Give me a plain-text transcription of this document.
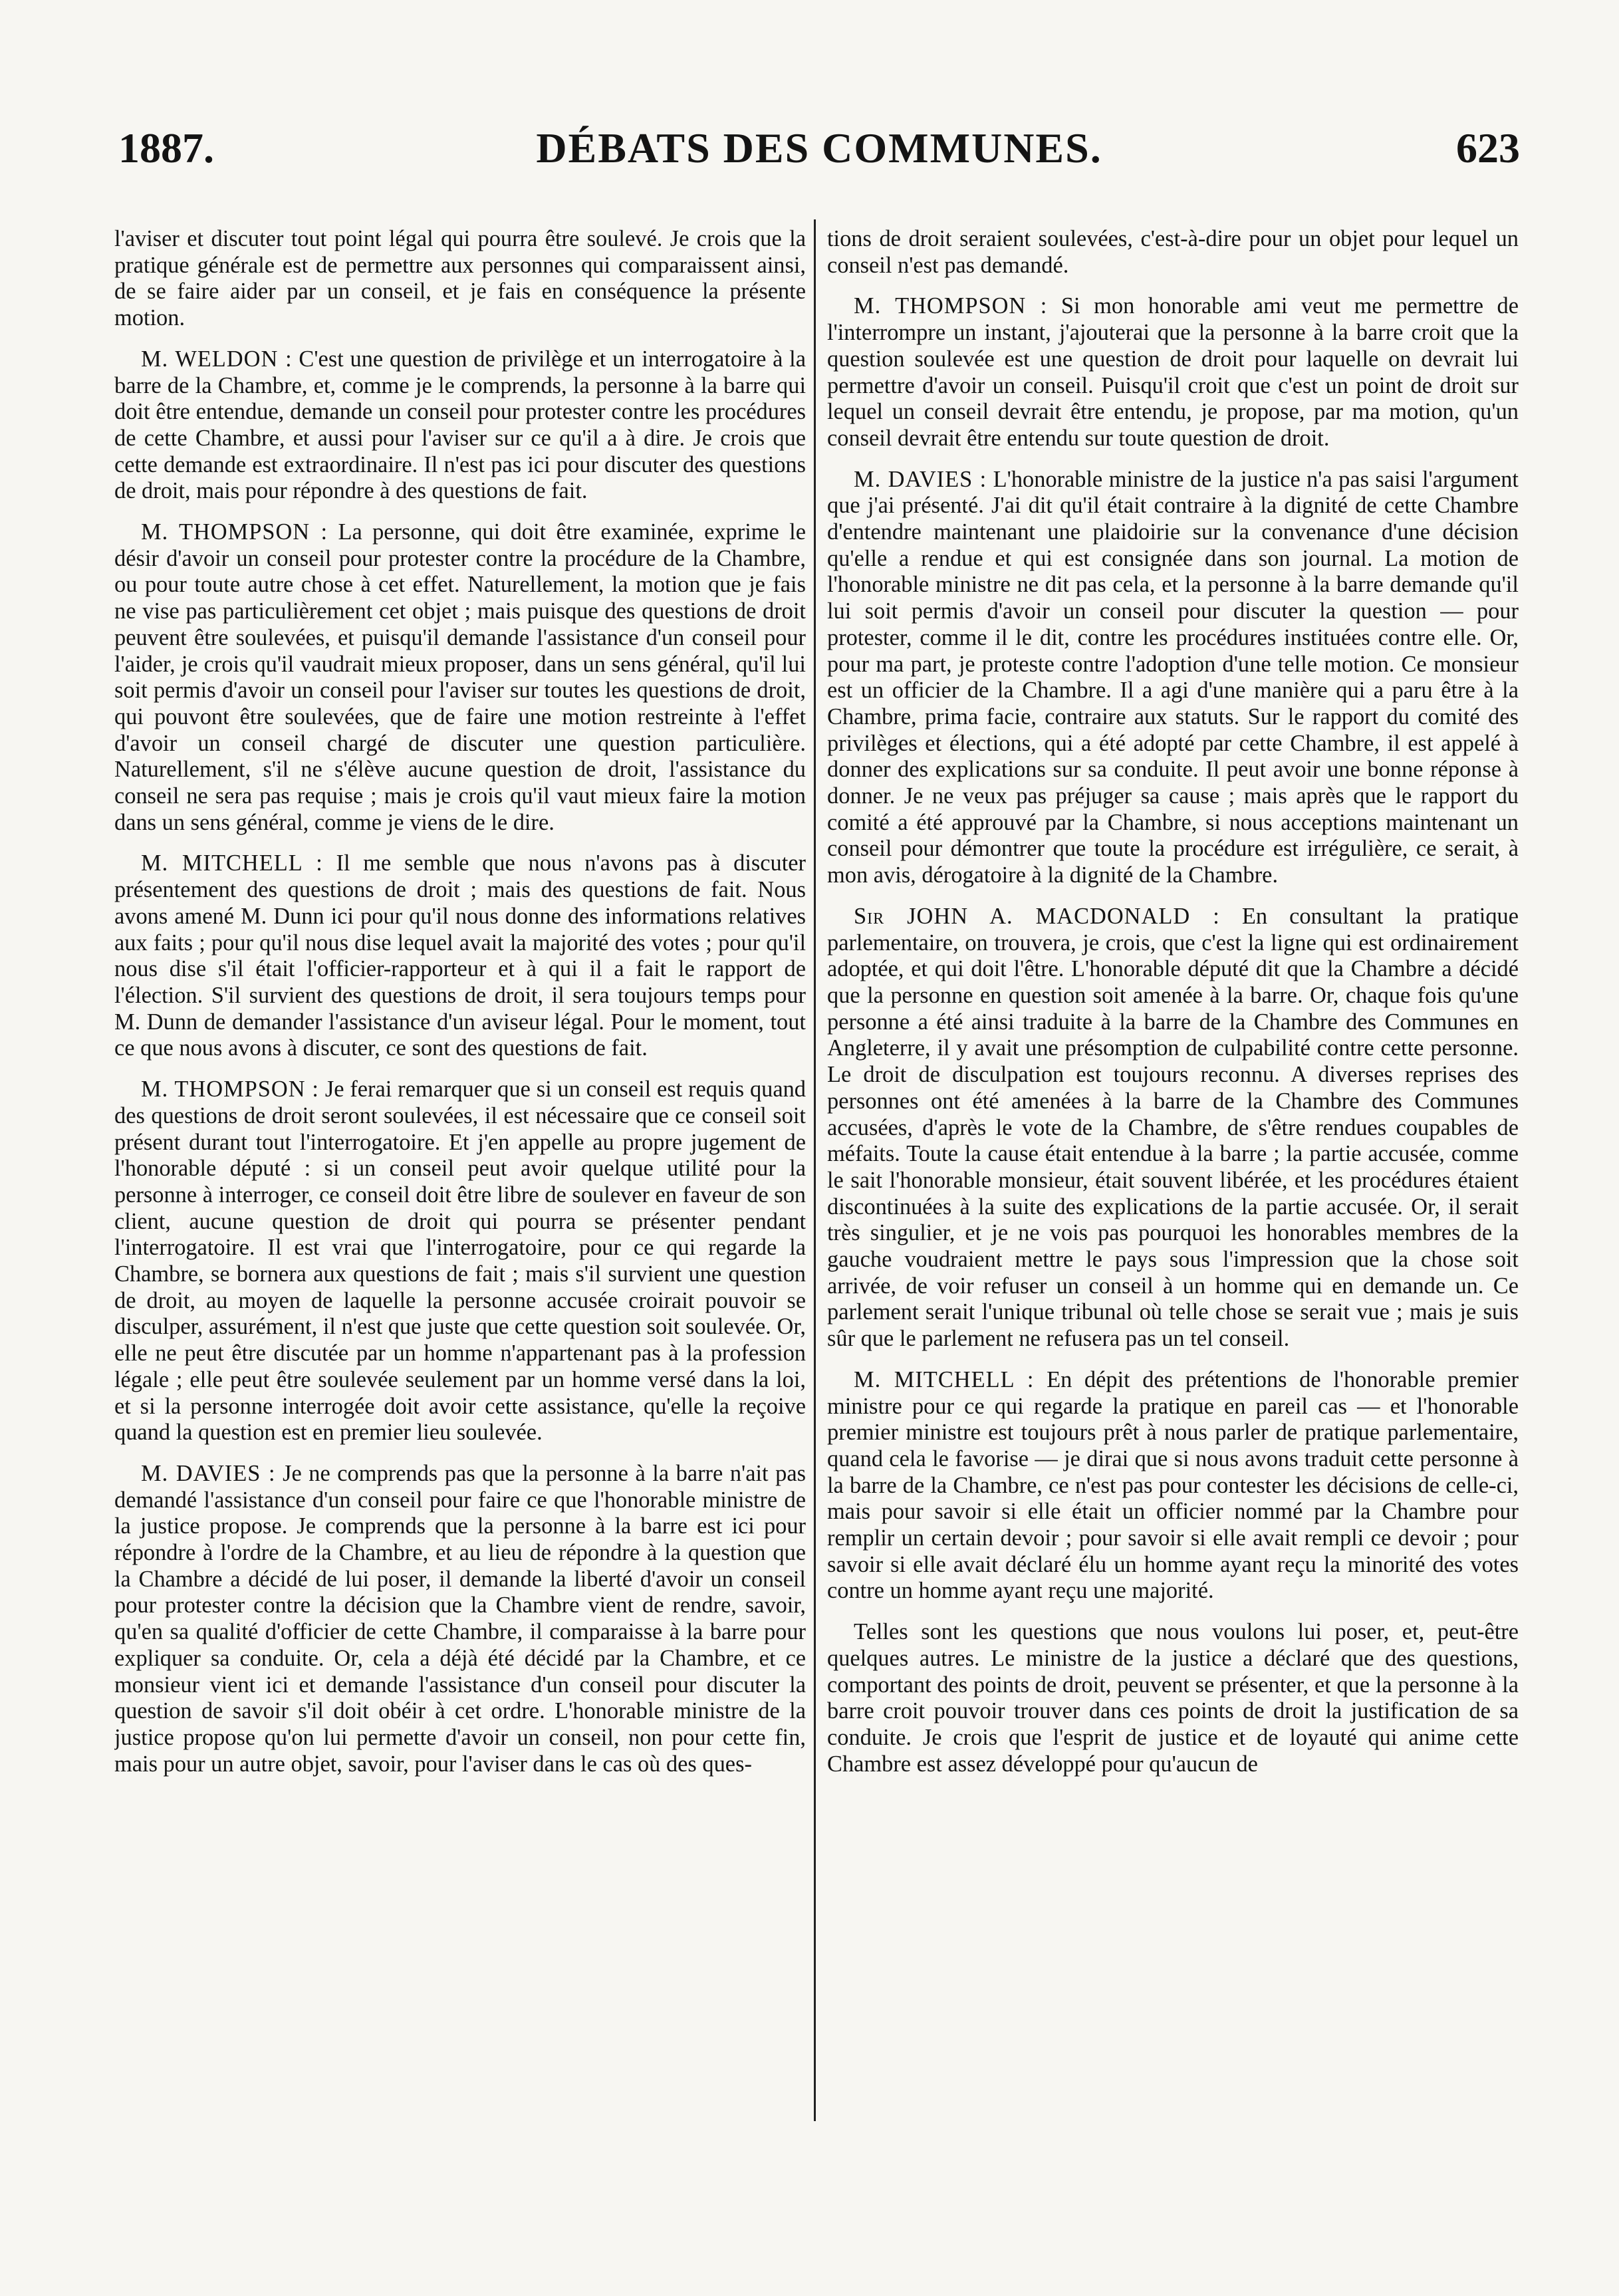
1887.	DÉBATS DES COMMUNES.	623

l'aviser et discuter tout point légal qui pourra être soulevé. Je crois que la pratique générale est de permettre aux personnes qui comparaissent ainsi, de se faire aider par un conseil, et je fais en conséquence la présente motion.

M. WELDON : C'est une question de privilège et un interrogatoire à la barre de la Chambre, et, comme je le comprends, la personne à la barre qui doit être entendue, demande un conseil pour protester contre les procédures de cette Chambre, et aussi pour l'aviser sur ce qu'il a à dire. Je crois que cette demande est extraordinaire. Il n'est pas ici pour discuter des questions de droit, mais pour répondre à des questions de fait.

M. THOMPSON : La personne, qui doit être examinée, exprime le désir d'avoir un conseil pour protester contre la procédure de la Chambre, ou pour toute autre chose à cet effet. Naturellement, la motion que je fais ne vise pas particulièrement cet objet ; mais puisque des questions de droit peuvent être soulevées, et puisqu'il demande l'assistance d'un conseil pour l'aider, je crois qu'il vaudrait mieux proposer, dans un sens général, qu'il lui soit permis d'avoir un conseil pour l'aviser sur toutes les questions de droit, qui pouvont être soulevées, que de faire une motion restreinte à l'effet d'avoir un conseil chargé de discuter une question particulière. Naturellement, s'il ne s'élève aucune question de droit, l'assistance du conseil ne sera pas requise ; mais je crois qu'il vaut mieux faire la motion dans un sens général, comme je viens de le dire.

M. MITCHELL : Il me semble que nous n'avons pas à discuter présentement des questions de droit ; mais des questions de fait. Nous avons amené M. Dunn ici pour qu'il nous donne des informations relatives aux faits ; pour qu'il nous dise lequel avait la majorité des votes ; pour qu'il nous dise s'il était l'officier-rapporteur et à qui il a fait le rapport de l'élection. S'il survient des questions de droit, il sera toujours temps pour M. Dunn de demander l'assistance d'un aviseur légal. Pour le moment, tout ce que nous avons à discuter, ce sont des questions de fait.

M. THOMPSON : Je ferai remarquer que si un conseil est requis quand des questions de droit seront soulevées, il est nécessaire que ce conseil soit présent durant tout l'interrogatoire. Et j'en appelle au propre jugement de l'honorable député : si un conseil peut avoir quelque utilité pour la personne à interroger, ce conseil doit être libre de soulever en faveur de son client, aucune question de droit qui pourra se présenter pendant l'interrogatoire. Il est vrai que l'interrogatoire, pour ce qui regarde la Chambre, se bornera aux questions de fait ; mais s'il survient une question de droit, au moyen de laquelle la personne accusée croirait pouvoir se disculper, assurément, il n'est que juste que cette question soit soulevée. Or, elle ne peut être discutée par un homme n'appartenant pas à la profession légale ; elle peut être soulevée seulement par un homme versé dans la loi, et si la personne interrogée doit avoir cette assistance, qu'elle la reçoive quand la question est en premier lieu soulevée.

M. DAVIES : Je ne comprends pas que la personne à la barre n'ait pas demandé l'assistance d'un conseil pour faire ce que l'honorable ministre de la justice propose. Je comprends que la personne à la barre est ici pour répondre à l'ordre de la Chambre, et au lieu de répondre à la question que la Chambre a décidé de lui poser, il demande la liberté d'avoir un conseil pour protester contre la décision que la Chambre vient de rendre, savoir, qu'en sa qualité d'officier de cette Chambre, il comparaisse à la barre pour expliquer sa conduite. Or, cela a déjà été décidé par la Chambre, et ce monsieur vient ici et demande l'assistance d'un conseil pour discuter la question de savoir s'il doit obéir à cet ordre. L'honorable ministre de la justice propose qu'on lui permette d'avoir un conseil, non pour cette fin, mais pour un autre objet, savoir, pour l'aviser dans le cas où des ques-

tions de droit seraient soulevées, c'est-à-dire pour un objet pour lequel un conseil n'est pas demandé.

M. THOMPSON : Si mon honorable ami veut me permettre de l'interrompre un instant, j'ajouterai que la personne à la barre croit que la question soulevée est une question de droit pour laquelle on devrait lui permettre d'avoir un conseil. Puisqu'il croit que c'est un point de droit sur lequel un conseil devrait être entendu, je propose, par ma motion, qu'un conseil devrait être entendu sur toute question de droit.

M. DAVIES : L'honorable ministre de la justice n'a pas saisi l'argument que j'ai présenté. J'ai dit qu'il était contraire à la dignité de cette Chambre d'entendre maintenant une plaidoirie sur la convenance d'une décision qu'elle a rendue et qui est consignée dans son journal. La motion de l'honorable ministre ne dit pas cela, et la personne à la barre demande qu'il lui soit permis d'avoir un conseil pour discuter la question — pour protester, comme il le dit, contre les procédures instituées contre elle. Or, pour ma part, je proteste contre l'adoption d'une telle motion. Ce monsieur est un officier de la Chambre. Il a agi d'une manière qui a paru être à la Chambre, prima facie, contraire aux statuts. Sur le rapport du comité des privilèges et élections, qui a été adopté par cette Chambre, il est appelé à donner des explications sur sa conduite. Il peut avoir une bonne réponse à donner. Je ne veux pas préjuger sa cause ; mais après que le rapport du comité a été approuvé par la Chambre, si nous acceptions maintenant un conseil pour démontrer que toute la procédure est irrégulière, ce serait, à mon avis, dérogatoire à la dignité de la Chambre.

Sir JOHN A. MACDONALD : En consultant la pratique parlementaire, on trouvera, je crois, que c'est la ligne qui est ordinairement adoptée, et qui doit l'être. L'honorable député dit que la Chambre a décidé que la personne en question soit amenée à la barre. Or, chaque fois qu'une personne a été ainsi traduite à la barre de la Chambre des Communes en Angleterre, il y avait une présomption de culpabilité contre cette personne. Le droit de disculpation est toujours reconnu. A diverses reprises des personnes ont été amenées à la barre de la Chambre des Communes accusées, d'après le vote de la Chambre, de s'être rendues coupables de méfaits. Toute la cause était entendue à la barre ; la partie accusée, comme le sait l'honorable monsieur, était souvent libérée, et les procédures étaient discontinuées à la suite des explications de la partie accusée. Or, il serait très singulier, et je ne vois pas pourquoi les honorables membres de la gauche voudraient mettre le pays sous l'impression que la chose soit arrivée, de voir refuser un conseil à un homme qui en demande un. Ce parlement serait l'unique tribunal où telle chose se serait vue ; mais je suis sûr que le parlement ne refusera pas un tel conseil.

M. MITCHELL : En dépit des prétentions de l'honorable premier ministre pour ce qui regarde la pratique en pareil cas — et l'honorable premier ministre est toujours prêt à nous parler de pratique parlementaire, quand cela le favorise — je dirai que si nous avons traduit cette personne à la barre de la Chambre, ce n'est pas pour contester les décisions de celle-ci, mais pour savoir si elle était un officier nommé par la Chambre pour remplir un certain devoir ; pour savoir si elle avait rempli ce devoir ; pour savoir si elle avait déclaré élu un homme ayant reçu la minorité des votes contre un homme ayant reçu une majorité.

Telles sont les questions que nous voulons lui poser, et, peut-être quelques autres. Le ministre de la justice a déclaré que des questions, comportant des points de droit, peuvent se présenter, et que la personne à la barre croit pouvoir trouver dans ces points de droit la justification de sa conduite. Je crois que l'esprit de justice et de loyauté qui anime cette Chambre est assez développé pour qu'aucun de
